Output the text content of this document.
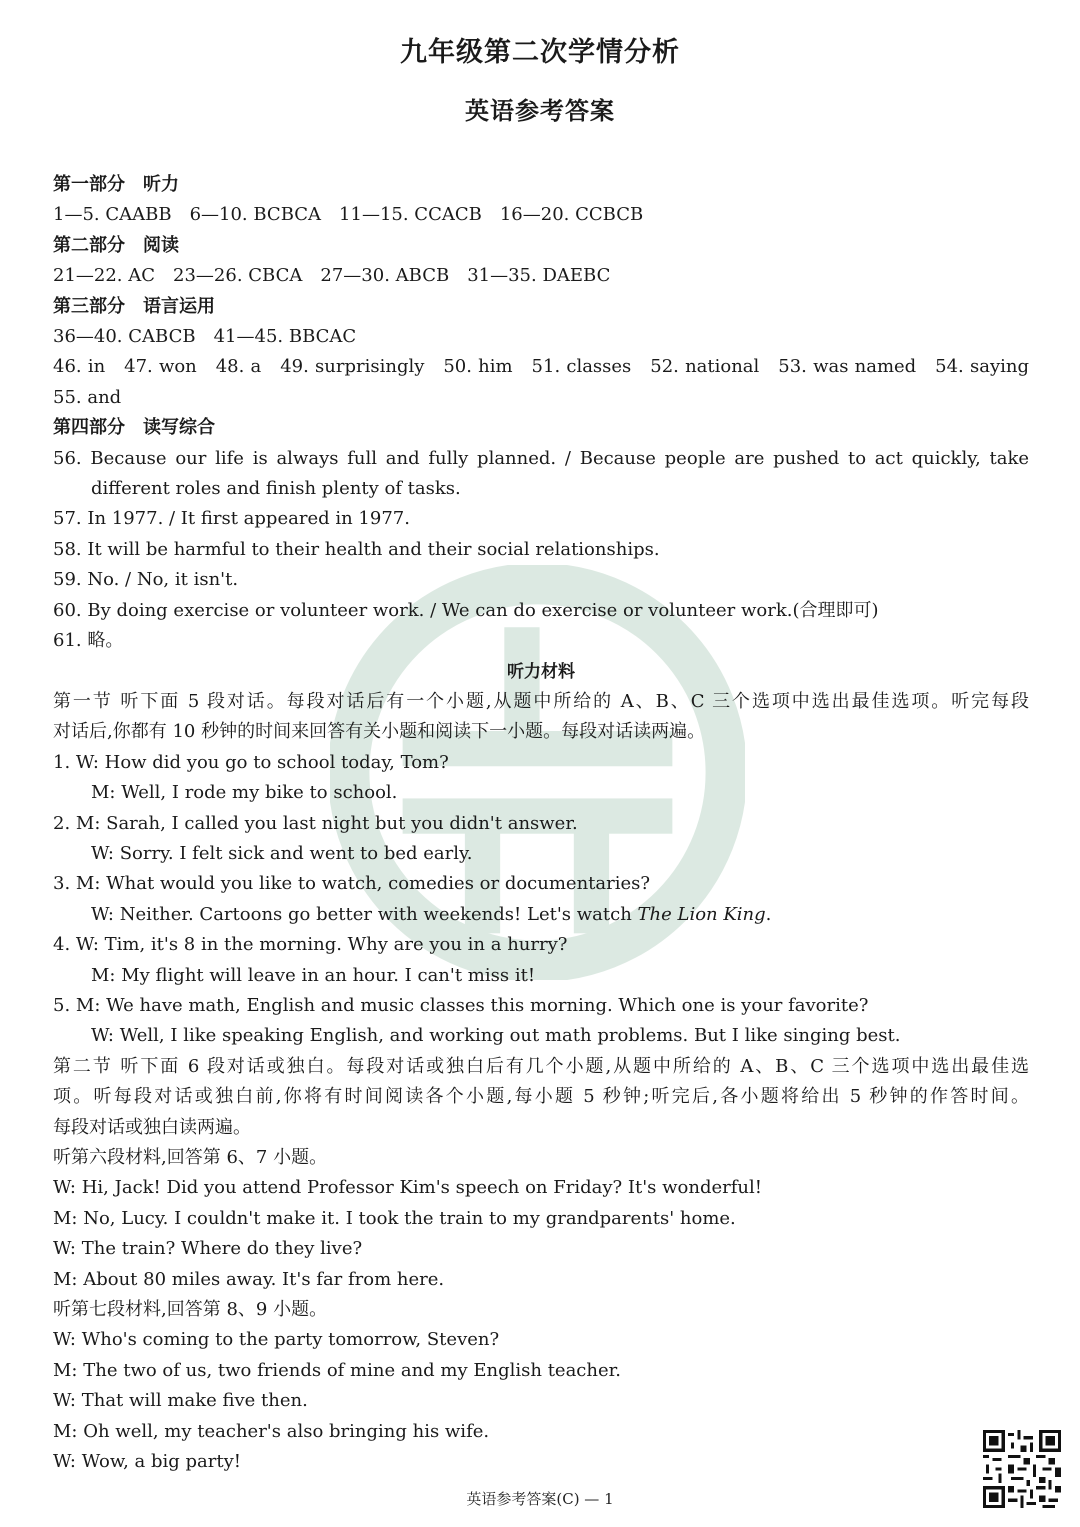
九年级第二次学情分析
英语参考答案
第一部分　听力
1—5. CAABB　6—10. BCBCA　11—15. CCACB　16—20. CCBCB
第二部分　阅读
21—22. AC　23—26. CBCA　27—30. ABCB　31—35. DAEBC
第三部分　语言运用
36—40. CABCB　41—45. BBCAC
46. in　47. won　48. a　49. surprisingly　50. him　51. classes　52. national　53. was named　54. saying
55. and
第四部分　读写综合
56. Because our life is always full and fully planned. / Because people are pushed to act quickly, take
different roles and finish plenty of tasks.
57. In 1977. / It first appeared in 1977.
58. It will be harmful to their health and their social relationships.
59. No. / No, it isn't.
60. By doing exercise or volunteer work. / We can do exercise or volunteer work.(合理即可)
61. 略。
听力材料
第一节 听下面 5 段对话。每段对话后有一个小题,从题中所给的 A、B、C 三个选项中选出最佳选项。听完每段
对话后,你都有 10 秒钟的时间来回答有关小题和阅读下一小题。每段对话读两遍。
1. W: How did you go to school today, Tom?
M: Well, I rode my bike to school.
2. M: Sarah, I called you last night but you didn't answer.
W: Sorry. I felt sick and went to bed early.
3. M: What would you like to watch, comedies or documentaries?
W: Neither. Cartoons go better with weekends! Let's watch The Lion King.
4. W: Tim, it's 8 in the morning. Why are you in a hurry?
M: My flight will leave in an hour. I can't miss it!
5. M: We have math, English and music classes this morning. Which one is your favorite?
W: Well, I like speaking English, and working out math problems. But I like singing best.
第二节 听下面 6 段对话或独白。每段对话或独白后有几个小题,从题中所给的 A、B、C 三个选项中选出最佳选
项。听每段对话或独白前,你将有时间阅读各个小题,每小题 5 秒钟;听完后,各小题将给出 5 秒钟的作答时间。
每段对话或独白读两遍。
听第六段材料,回答第 6、7 小题。
W: Hi, Jack! Did you attend Professor Kim's speech on Friday? It's wonderful!
M: No, Lucy. I couldn't make it. I took the train to my grandparents' home.
W: The train? Where do they live?
M: About 80 miles away. It's far from here.
听第七段材料,回答第 8、9 小题。
W: Who's coming to the party tomorrow, Steven?
M: The two of us, two friends of mine and my English teacher.
W: That will make five then.
M: Oh well, my teacher's also bringing his wife.
W: Wow, a big party!
英语参考答案(C) — 1
